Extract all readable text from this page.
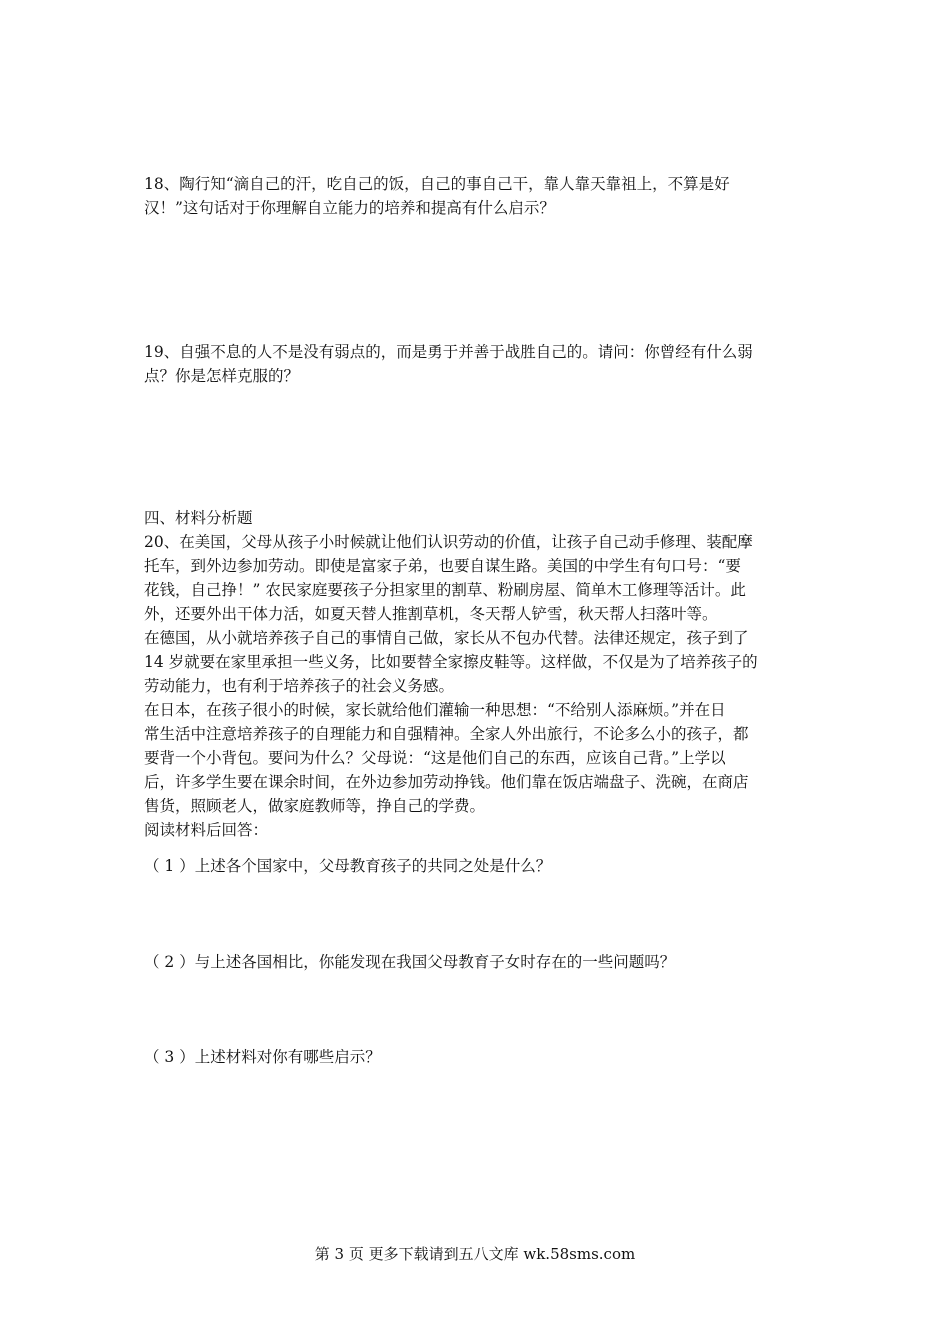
18、陶行知“滴自己的汗，吃自己的饭，自己的事自己干，靠人靠天靠祖上，不算是好
汉！”这句话对于你理解自立能力的培养和提高有什么启示？
19、自强不息的人不是没有弱点的，而是勇于并善于战胜自己的。请问：你曾经有什么弱
点？你是怎样克服的？
四、材料分析题
20、在美国，父母从孩子小时候就让他们认识劳动的价值，让孩子自己动手修理、装配摩
托车，到外边参加劳动。即使是富家子弟，也要自谋生路。美国的中学生有句口号：“要
花钱，自己挣！” 农民家庭要孩子分担家里的割草、粉刷房屋、简单木工修理等活计。此
外，还要外出干体力活，如夏天替人推割草机，冬天帮人铲雪，秋天帮人扫落叶等。
在德国，从小就培养孩子自己的事情自己做，家长从不包办代替。法律还规定，孩子到了
14 岁就要在家里承担一些义务，比如要替全家擦皮鞋等。这样做，不仅是为了培养孩子的
劳动能力，也有利于培养孩子的社会义务感。
在日本，在孩子很小的时候，家长就给他们灌输一种思想：“不给别人添麻烦。”并在日
常生活中注意培养孩子的自理能力和自强精神。全家人外出旅行，不论多么小的孩子，都
要背一个小背包。要问为什么？父母说：“这是他们自己的东西，应该自己背。”上学以
后，许多学生要在课余时间，在外边参加劳动挣钱。他们靠在饭店端盘子、洗碗，在商店
售货，照顾老人，做家庭教师等，挣自己的学费。
阅读材料后回答：
（ 1 ）上述各个国家中，父母教育孩子的共同之处是什么？
（ 2 ）与上述各国相比，你能发现在我国父母教育子女时存在的一些问题吗？
（ 3 ）上述材料对你有哪些启示？
第 3 页 更多下载请到五八文库 wk.58sms.com
